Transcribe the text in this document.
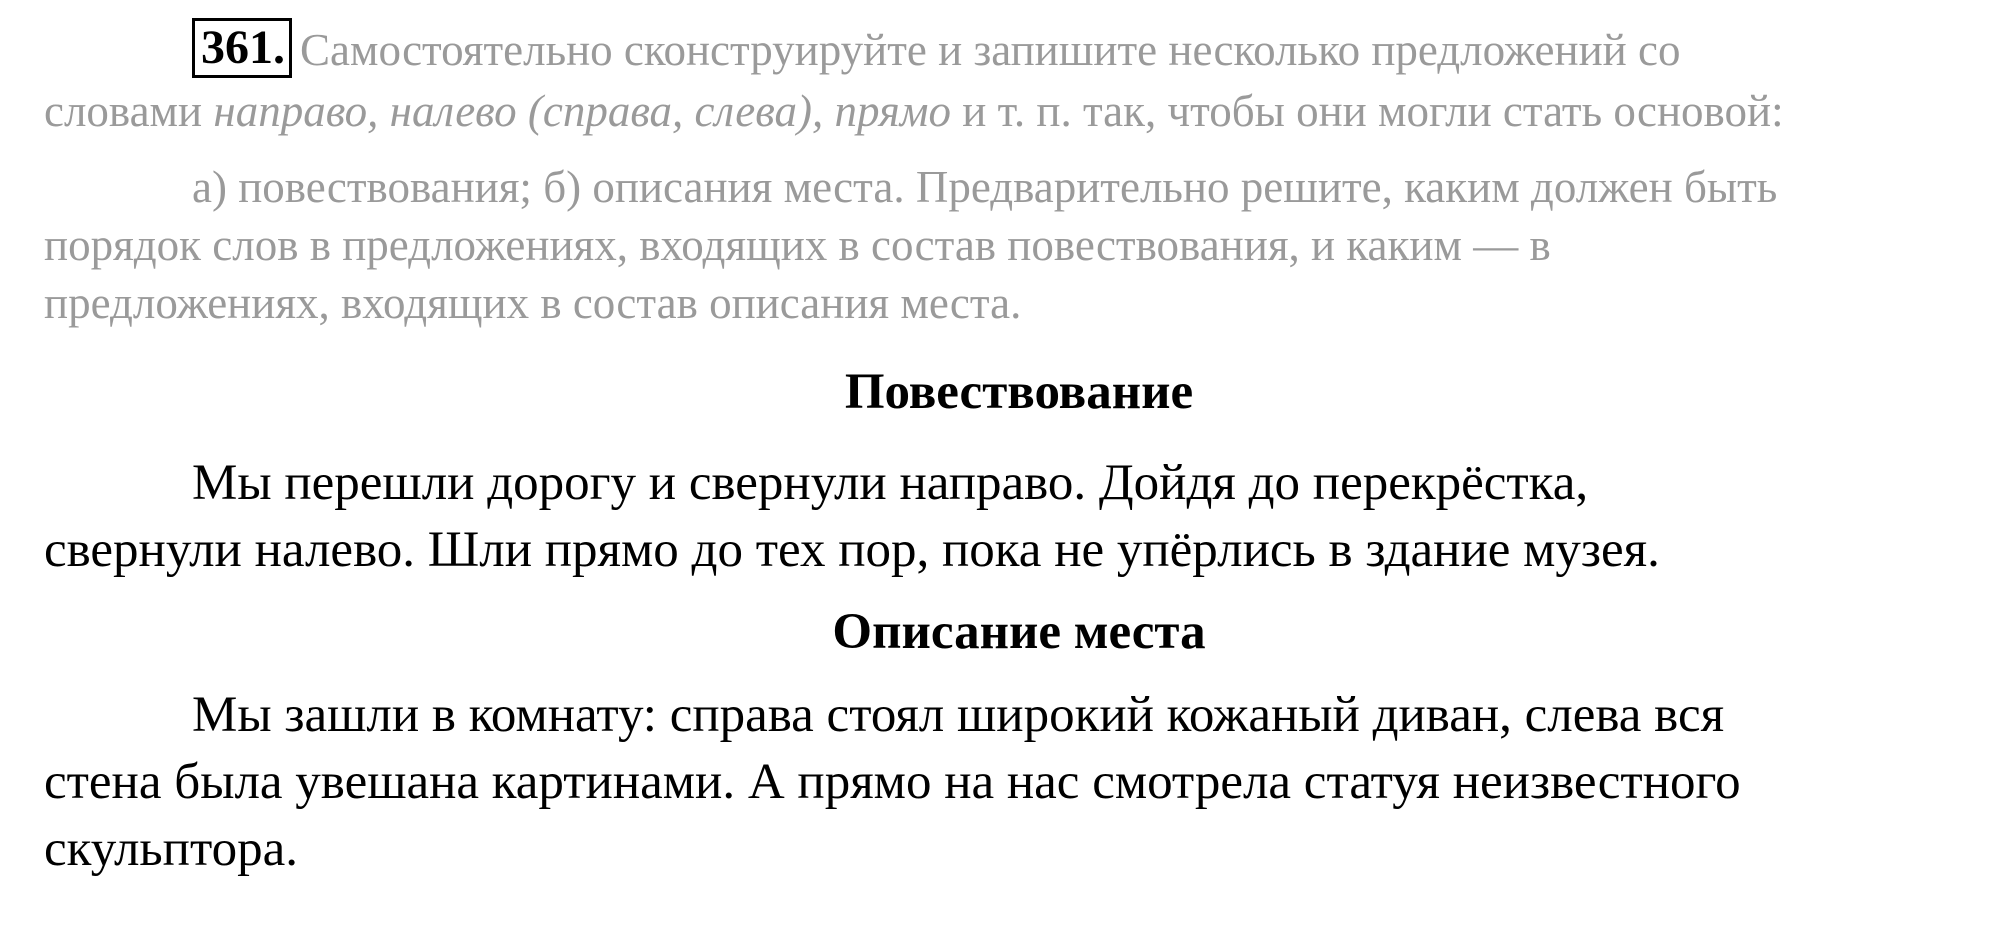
361. Самостоятельно сконструируйте и запишите несколько предложений со
словами направо, налево (справа, слева), прямо и т. п. так, чтобы они могли стать основой:
а) повествования; б) описания места. Предварительно решите, каким должен быть
порядок слов в предложениях, входящих в состав повествования, и каким — в
предложениях, входящих в состав описания места.
Повествование
Мы перешли дорогу и свернули направо. Дойдя до перекрёстка,
свернули налево. Шли прямо до тех пор, пока не упёрлись в здание музея.
Описание места
Мы зашли в комнату: справа стоял широкий кожаный диван, слева вся
стена была увешана картинами. А прямо на нас смотрела статуя неизвестного
скульптора.
